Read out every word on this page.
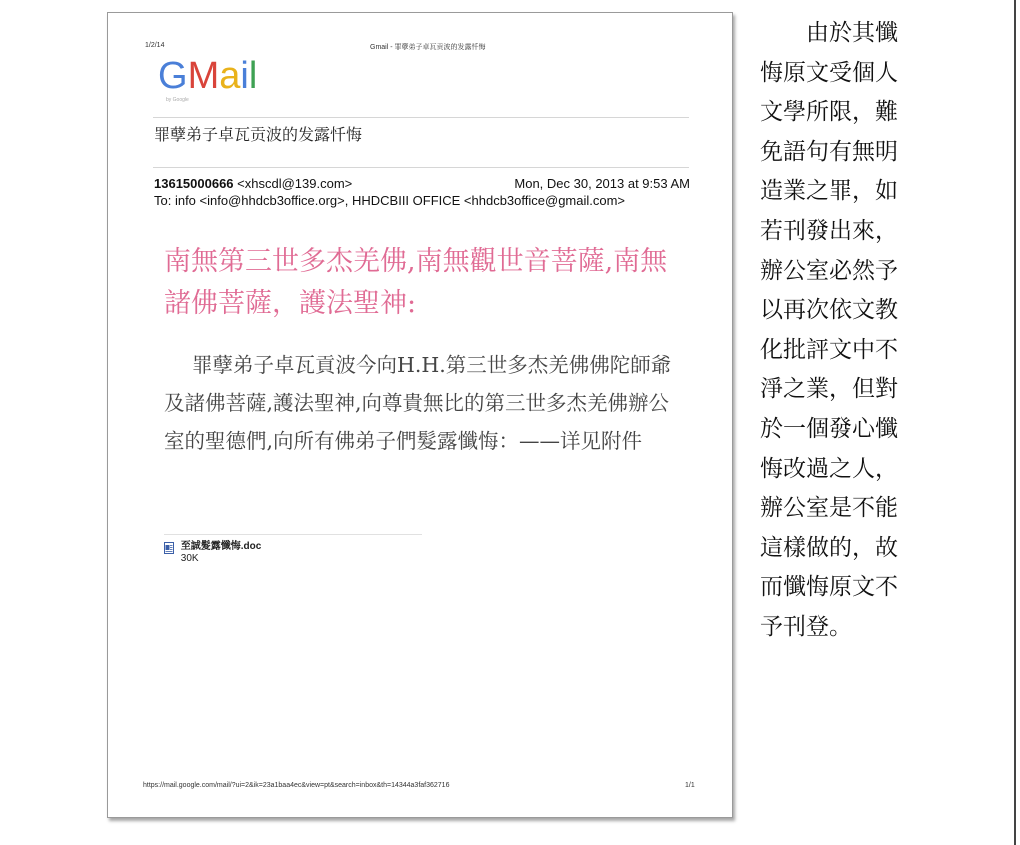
1/2/14	Gmail - 罪孽弟子卓瓦贡波的发露忏悔
GMail
by Google
罪孽弟子卓瓦贡波的发露忏悔
13615000666 <xhscdl@139.com>	Mon, Dec 30, 2013 at 9:53 AM
To: info <info@hhdcb3office.org>, HHDCBIII OFFICE <hhdcb3office@gmail.com>
南無第三世多杰羌佛,南無觀世音菩薩,南無諸佛菩薩，護法聖神:

罪孽弟子卓瓦貢波今向H.H.第三世多杰羌佛佛陀師爺及諸佛菩薩,護法聖神,向尊貴無比的第三世多杰羌佛辦公室的聖德們,向所有佛弟子們髮露懺悔：——详见附件

至誠髮露懺悔.doc
30K
https://mail.google.com/mail/?ui=2&ik=23a1baa4ec&view=pt&search=inbox&th=14344a3faf362716	1/1
由於其懺
悔原文受個人
文學所限，難
免語句有無明
造業之罪，如
若刊發出來，
辦公室必然予
以再次依文教
化批評文中不
淨之業，但對
於一個發心懺
悔改過之人，
辦公室是不能
這樣做的，故
而懺悔原文不
予刊登。
